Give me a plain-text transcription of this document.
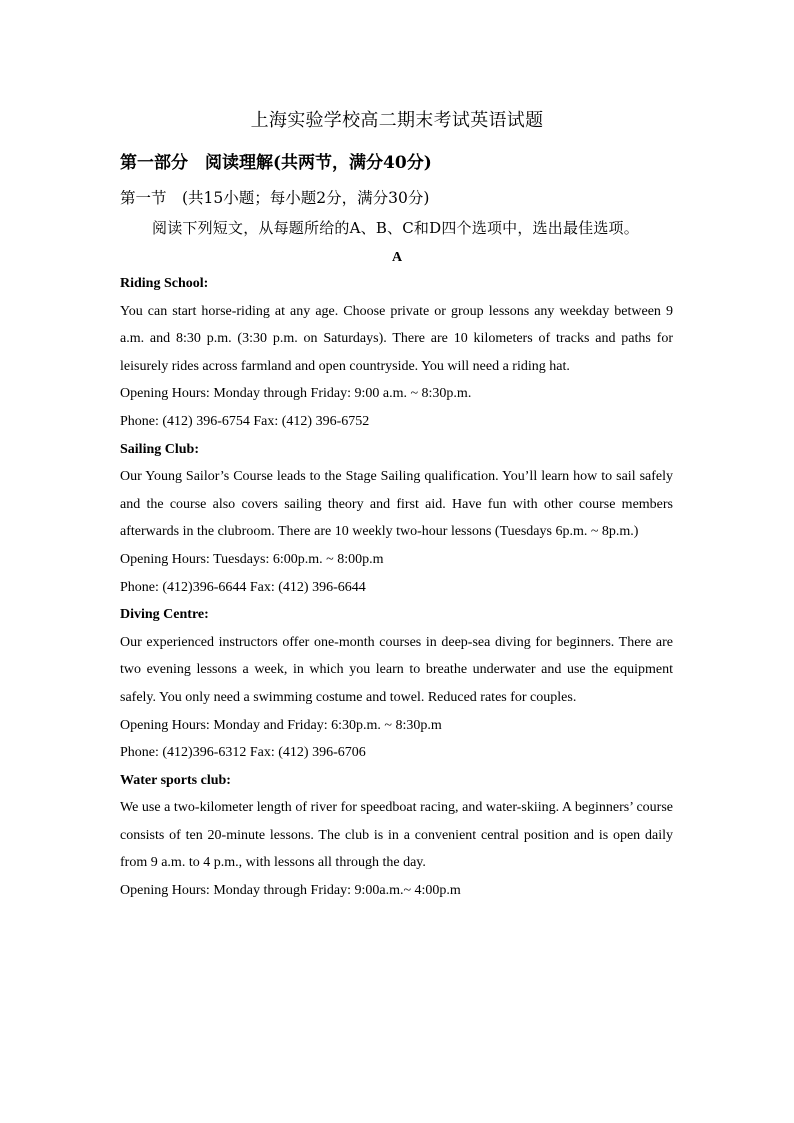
上海实验学校高二期末考试英语试题
第一部分　阅读理解(共两节，满分40分)
第一节　(共15小题；每小题2分，满分30分)
阅读下列短文，从每题所给的A、B、C和D四个选项中，选出最佳选项。
A

Riding School:

You can start horse-riding at any age. Choose private or group lessons any weekday between 9 a.m. and 8:30 p.m. (3:30 p.m. on Saturdays). There are 10 kilometers of tracks and paths for leisurely rides across farmland and open countryside. You will need a riding hat.

Opening Hours: Monday through Friday: 9:00 a.m. ~ 8:30p.m.

Phone: (412) 396-6754 Fax: (412) 396-6752

Sailing Club:

Our Young Sailor’s Course leads to the Stage Sailing qualification. You’ll learn how to sail safely and the course also covers sailing theory and first aid. Have fun with other course members afterwards in the clubroom. There are 10 weekly two-hour lessons (Tuesdays 6p.m. ~ 8p.m.)

Opening Hours: Tuesdays: 6:00p.m. ~ 8:00p.m

Phone: (412)396-6644 Fax: (412) 396-6644

Diving Centre:

Our experienced instructors offer one-month courses in deep-sea diving for beginners. There are two evening lessons a week, in which you learn to breathe underwater and use the equipment safely. You only need a swimming costume and towel. Reduced rates for couples.

Opening Hours: Monday and Friday: 6:30p.m. ~ 8:30p.m

Phone: (412)396-6312 Fax: (412) 396-6706

Water sports club:

We use a two-kilometer length of river for speedboat racing, and water-skiing. A beginners’ course consists of ten 20-minute lessons. The club is in a convenient central position and is open daily from 9 a.m. to 4 p.m., with lessons all through the day.

Opening Hours: Monday through Friday: 9:00a.m.~ 4:00p.m
